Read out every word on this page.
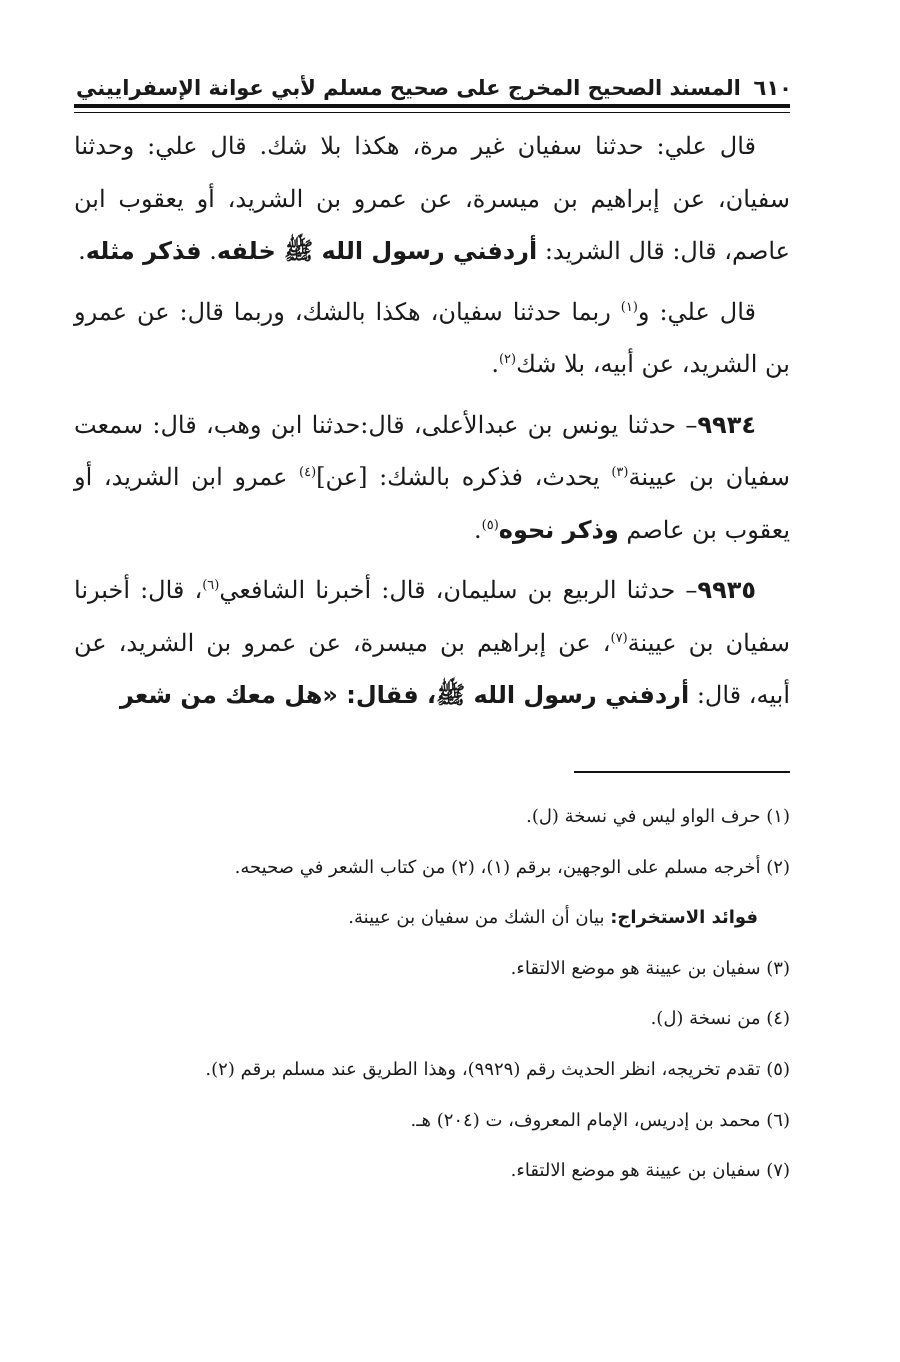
٦١٠
المسند الصحيح المخرج على صحيح مسلم لأبي عوانة الإسفراييني

قال علي: حدثنا سفيان غير مرة، هكذا بلا شك. قال علي: وحدثنا سفيان، عن إبراهيم بن ميسرة، عن عمرو بن الشريد، أو يعقوب ابن عاصم، قال: قال الشريد: أردفني رسول الله ﷺ خلفه. فذكر مثله.

قال علي: و$^{(١)}$ ربما حدثنا سفيان، هكذا بالشك، وربما قال: عن عمرو بن الشريد، عن أبيه، بلا شك$^{(٢)}$.

٩٩٣٤– حدثنا يونس بن عبدالأعلى، قال:حدثنا ابن وهب، قال: سمعت سفيان بن عيينة$^{(٣)}$ يحدث، فذكره بالشك: [عن]$^{(٤)}$ عمرو ابن الشريد، أو يعقوب بن عاصم وذكر نحوه$^{(٥)}$.

٩٩٣٥– حدثنا الربيع بن سليمان، قال: أخبرنا الشافعي$^{(٦)}$، قال: أخبرنا سفيان بن عيينة$^{(٧)}$، عن إبراهيم بن ميسرة، عن عمرو بن الشريد، عن أبيه، قال: أردفني رسول الله ﷺ، فقال: «هل معك من شعر

(١) حرف الواو ليس في نسخة (ل).
(٢) أخرجه مسلم على الوجهين، برقم (١)، (٢) من كتاب الشعر في صحيحه.
فوائد الاستخراج: بيان أن الشك من سفيان بن عيينة.
(٣) سفيان بن عيينة هو موضع الالتقاء.
(٤) من نسخة (ل).
(٥) تقدم تخريجه، انظر الحديث رقم (٩٩٢٩)، وهذا الطريق عند مسلم برقم (٢).
(٦) محمد بن إدريس، الإمام المعروف، ت (٢٠٤) هـ.
(٧) سفيان بن عيينة هو موضع الالتقاء.
